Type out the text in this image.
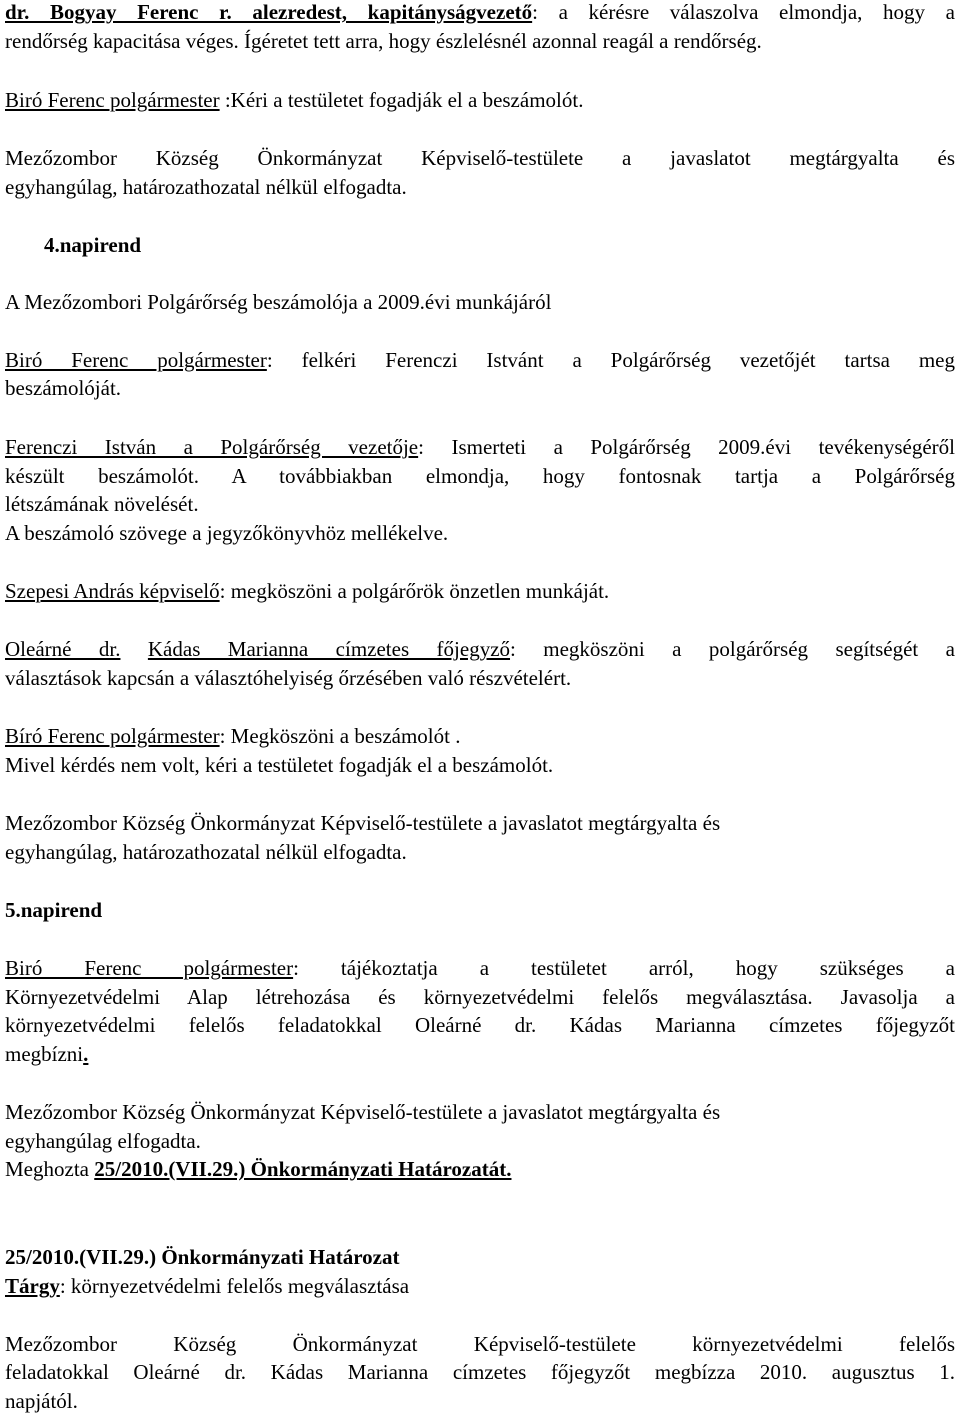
dr. Bogyay Ferenc r. alezredest, kapitányságvezető: a kérésre válaszolva elmondja, hogy a
rendőrség kapacitása véges. Ígéretet tett arra, hogy észlelésnél azonnal reagál a rendőrség.
Biró Ferenc polgármester :Kéri a testületet fogadják el a beszámolót.
Mezőzombor Község Önkormányzat Képviselő-testülete a javaslatot megtárgyalta és
egyhangúlag, határozathozatal nélkül elfogadta.
4.napirend
A Mezőzombori Polgárőrség beszámolója a 2009.évi munkájáról
Biró Ferenc polgármester: felkéri Ferenczi Istvánt a Polgárőrség vezetőjét tartsa meg
beszámolóját.
Ferenczi István a Polgárőrség vezetője: Ismerteti a Polgárőrség 2009.évi tevékenységéről
készült beszámolót. A továbbiakban elmondja, hogy fontosnak tartja a Polgárőrség
létszámának növelését.
A beszámoló szövege a jegyzőkönyvhöz mellékelve.
Szepesi András képviselő: megköszöni a polgárőrök önzetlen munkáját.
Oleárné dr. Kádas Marianna címzetes főjegyző: megköszöni a polgárőrség segítségét a
választások kapcsán a választóhelyiség őrzésében való részvételért.
Bíró Ferenc polgármester: Megköszöni a beszámolót .
Mivel kérdés nem volt, kéri a testületet fogadják el a beszámolót.
Mezőzombor Község Önkormányzat Képviselő-testülete a javaslatot megtárgyalta és
egyhangúlag, határozathozatal nélkül elfogadta.
5.napirend
Biró Ferenc polgármester: tájékoztatja a testületet arról, hogy szükséges a
Környezetvédelmi Alap létrehozása és környezetvédelmi felelős megválasztása. Javasolja a
környezetvédelmi felelős feladatokkal Oleárné dr. Kádas Marianna címzetes főjegyzőt
megbízni.
Mezőzombor Község Önkormányzat Képviselő-testülete a javaslatot megtárgyalta és
egyhangúlag elfogadta.
Meghozta 25/2010.(VII.29.) Önkormányzati Határozatát.
25/2010.(VII.29.) Önkormányzati Határozat
Tárgy: környezetvédelmi felelős megválasztása
Mezőzombor Község Önkormányzat Képviselő-testülete környezetvédelmi felelős
feladatokkal Oleárné dr. Kádas Marianna címzetes főjegyzőt megbízza 2010. augusztus 1.
napjától.
